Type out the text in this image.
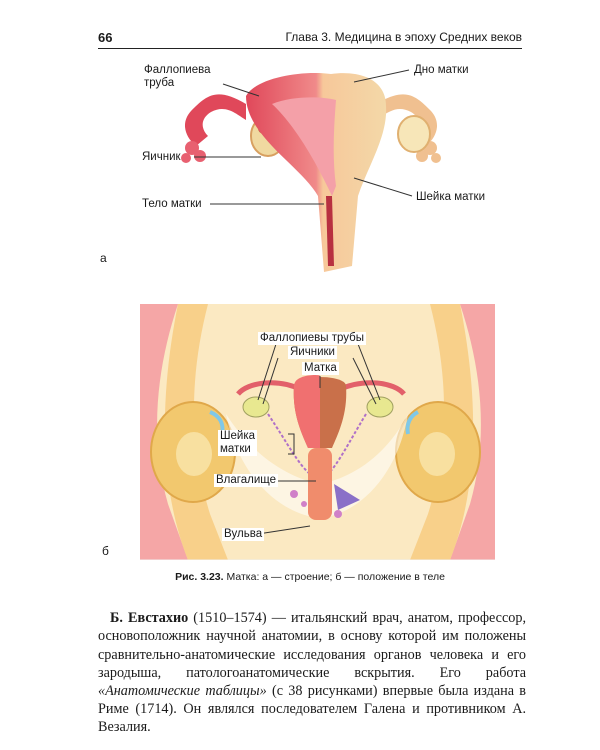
66	Глава 3. Медицина в эпоху Средних веков
Фаллопиева
труба
Дно матки
Яичник
Тело матки
Шейка матки
а
Фаллопиевы трубы
Яичники
Матка
Шейка
матки
Влагалище
Вульва
б
Рис. 3.23. Матка: а — строение; б — положение в теле

Б. Евстахио (1510–1574) — итальянский врач, анатом, профессор, основоположник научной анатомии, в основу которой им положены сравнительно-анатомические исследования органов человека и его зародыша, патологоанатомические вскрытия. Его работа «Анатомические таблицы» (с 38 рисунками) впервые была издана в Риме (1714). Он являлся последователем Галена и противником А. Везалия.
